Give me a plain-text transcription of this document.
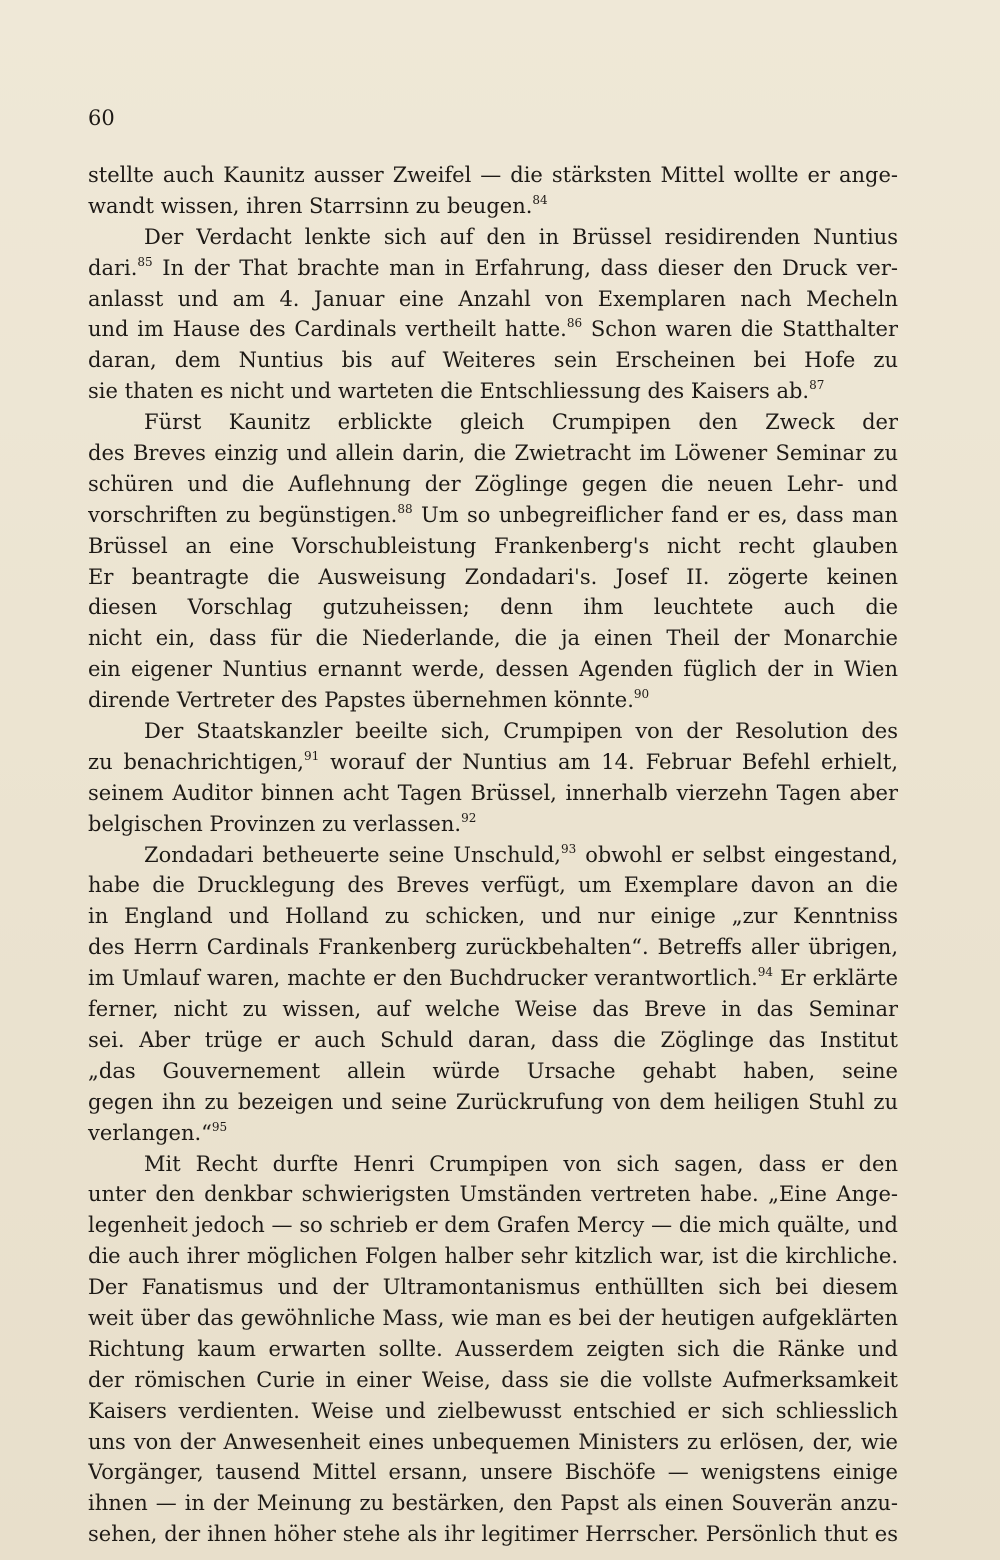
60
stellte auch Kaunitz ausser Zweifel — die stärksten Mittel wollte er ange-
wandt wissen, ihren Starrsinn zu beugen.$^{84}$
Der Verdacht lenkte sich auf den in Brüssel residirenden Nuntius
dari.$^{85}$ In der That brachte man in Erfahrung, dass dieser den Druck ver-
anlasst und am 4. Januar eine Anzahl von Exemplaren nach Mecheln
und im Hause des Cardinals vertheilt hatte.$^{86}$ Schon waren die Statthalter
daran, dem Nuntius bis auf Weiteres sein Erscheinen bei Hofe zu
sie thaten es nicht und warteten die Entschliessung des Kaisers ab.$^{87}$
Fürst Kaunitz erblickte gleich Crumpipen den Zweck der
des Breves einzig und allein darin, die Zwietracht im Löwener Seminar zu
schüren und die Auflehnung der Zöglinge gegen die neuen Lehr- und
vorschriften zu begünstigen.$^{88}$ Um so unbegreiflicher fand er es, dass man
Brüssel an eine Vorschubleistung Frankenberg's nicht recht glauben
Er beantragte die Ausweisung Zondadari's. Josef II. zögerte keinen
diesen Vorschlag gutzuheissen; denn ihm leuchtete auch die
nicht ein, dass für die Niederlande, die ja einen Theil der Monarchie
ein eigener Nuntius ernannt werde, dessen Agenden füglich der in Wien
dirende Vertreter des Papstes übernehmen könnte.$^{90}$
Der Staatskanzler beeilte sich, Crumpipen von der Resolution des
zu benachrichtigen,$^{91}$ worauf der Nuntius am 14. Februar Befehl erhielt,
seinem Auditor binnen acht Tagen Brüssel, innerhalb vierzehn Tagen aber
belgischen Provinzen zu verlassen.$^{92}$
Zondadari betheuerte seine Unschuld,$^{93}$ obwohl er selbst eingestand,
habe die Drucklegung des Breves verfügt, um Exemplare davon an die
in England und Holland zu schicken, und nur einige „zur Kenntniss
des Herrn Cardinals Frankenberg zurückbehalten“. Betreffs aller übrigen,
im Umlauf waren, machte er den Buchdrucker verantwortlich.$^{94}$ Er erklärte
ferner, nicht zu wissen, auf welche Weise das Breve in das Seminar
sei. Aber trüge er auch Schuld daran, dass die Zöglinge das Institut
„das Gouvernement allein würde Ursache gehabt haben, seine
gegen ihn zu bezeigen und seine Zurückrufung von dem heiligen Stuhl zu
verlangen.“$^{95}$
Mit Recht durfte Henri Crumpipen von sich sagen, dass er den
unter den denkbar schwierigsten Umständen vertreten habe. „Eine Ange-
legenheit jedoch — so schrieb er dem Grafen Mercy — die mich quälte, und
die auch ihrer möglichen Folgen halber sehr kitzlich war, ist die kirchliche.
Der Fanatismus und der Ultramontanismus enthüllten sich bei diesem
weit über das gewöhnliche Mass, wie man es bei der heutigen aufgeklärten
Richtung kaum erwarten sollte. Ausserdem zeigten sich die Ränke und
der römischen Curie in einer Weise, dass sie die vollste Aufmerksamkeit
Kaisers verdienten. Weise und zielbewusst entschied er sich schliesslich
uns von der Anwesenheit eines unbequemen Ministers zu erlösen, der, wie
Vorgänger, tausend Mittel ersann, unsere Bischöfe — wenigstens einige
ihnen — in der Meinung zu bestärken, den Papst als einen Souverän anzu-
sehen, der ihnen höher stehe als ihr legitimer Herrscher. Persönlich thut es
